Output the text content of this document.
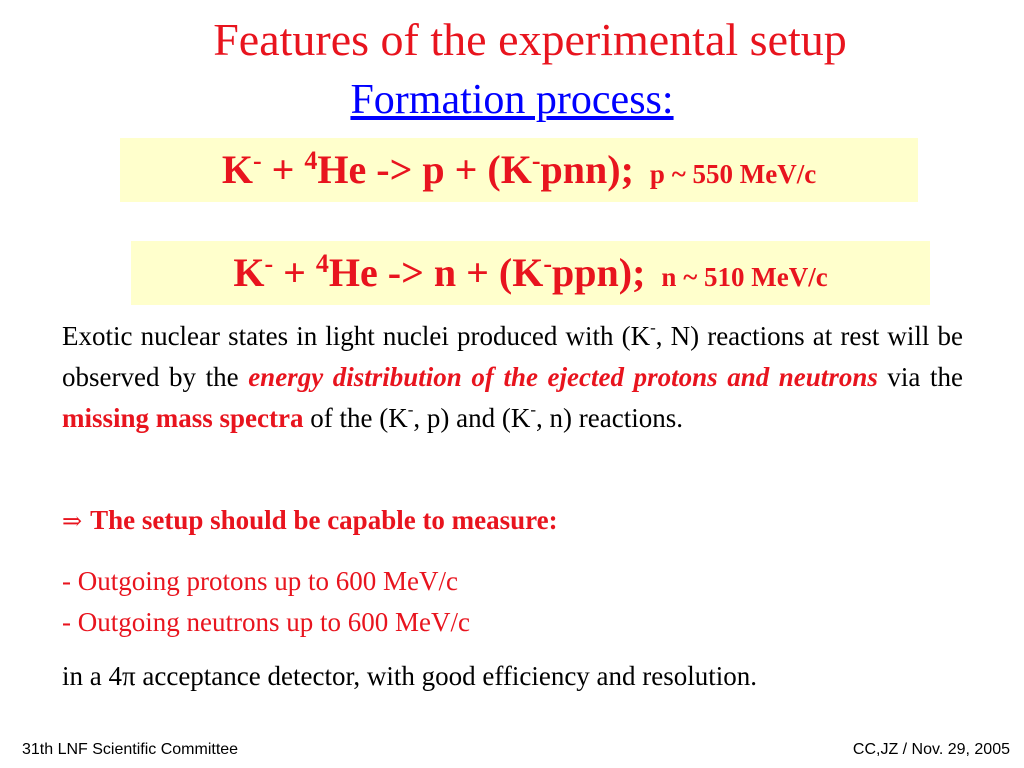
Features of the experimental setup
Formation process:
K- + $^4$He -> p + (K-pnn); p ~ 550 MeV/c
K- + $^4$He -> n + (K-ppn); n ~ 510 MeV/c
Exotic nuclear states in light nuclei produced with (K-, N) reactions at rest will be observed by the energy distribution of the ejected protons and neutrons via the missing mass spectra of the (K-, p) and (K-, n) reactions.
⇒ The setup should be capable to measure:
- Outgoing protons up to 600 MeV/c
- Outgoing neutrons up to 600 MeV/c
in a 4π acceptance detector, with good efficiency and resolution.
31th LNF Scientific Committee	CC,JZ / Nov. 29, 2005
